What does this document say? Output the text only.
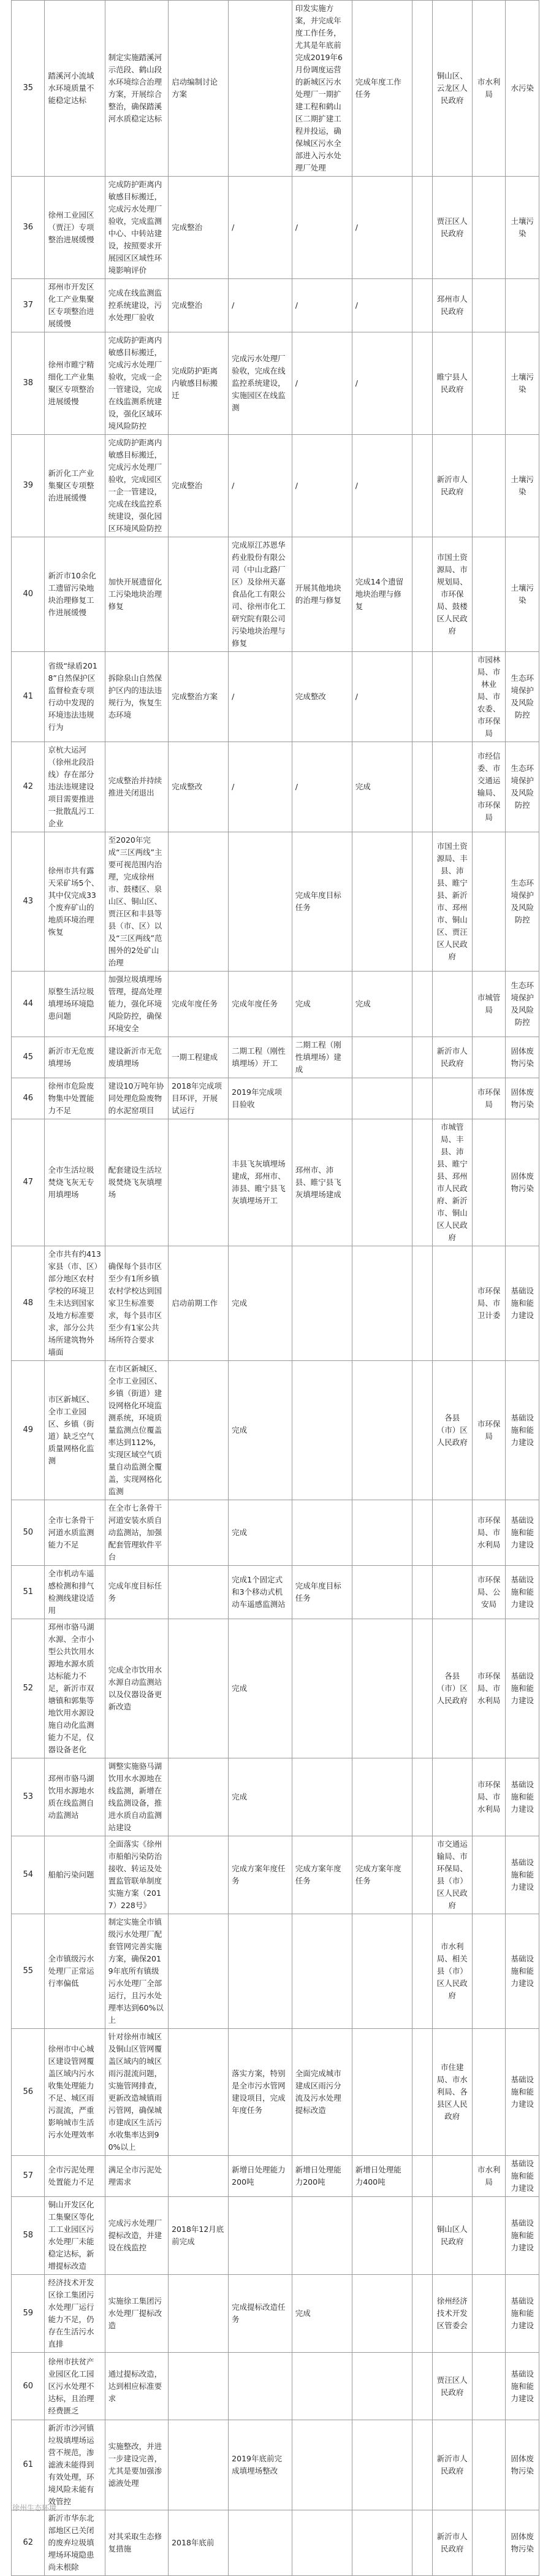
35	踏溪河小流域水环境质量不能稳定达标	制定实施踏溪河示范段、鹤山段水环境综合治理方案，开展综合整治，确保踏溪河水质稳定达标	启动编制讨论方案		印发实施方案，并完成年度工作任务，尤其是年底前完成2019年6月份调度运营的新城区污水处理厂一期扩建工程和鹤山区二期扩建工程并投运，确保城区污水全部进入污水处理厂处理	完成年度工作任务		铜山区、云龙区人民政府	市水利局	水污染
36	徐州工业园区（贾汪）专项整治进展缓慢	完成防护距离内敏感目标搬迁，完成污水处理厂验收，完成监测中心、中转站建设，按照要求开展园区区域性环境影响评价	完成整治	/	/	/		贾汪区人民政府		土壤污染
37	邳州市开发区化工产业集聚区专项整治进展缓慢	完成在线监测监控系统建设，污水处理厂验收	完成整治	/	/	/		邳州市人民政府		
38	徐州市睢宁精细化工产业集聚区专项整治进展缓慢	完成防护距离内敏感目标搬迁，完成污水处理厂验收，完成一企一管建设，完成在线监测系统建设，强化区域环境风险防控	完成防护距离内敏感目标搬迁	完成污水处理厂验收，完成在线监控系统建设，实施园区在线监测	/	/		睢宁县人民政府		土壤污染
39	新沂化工产业集聚区专项整治进展缓慢	完成防护距离内敏感目标搬迁，完成污水处理厂验收，完成园区一企一管建设，完成在线监控系统建设，强化园区环境风险防控	完成整治	/	/	/		新沂市人民政府		土壤污染
40	新沂市10余化工遗留污染地块治理修复工作进展缓慢	加快开展遗留化工污染地块治理修复		完成原江苏恩华药业股份有限公司（中山北路厂区）及徐州天嘉食品化工有限公司、徐州市化工研究院有限公司污染地块治理与修复	开展其他地块的治理与修复	完成14个遗留地块治理与修复		市国土资源局、市规划局、市环保局、鼓楼区人民政府		土壤污染
41	省级“绿盾2018”自然保护区监督检查专项行动中发现的环境违法违规行为	拆除泉山自然保护区内的违法违规行为，恢复生态环境	完成整治方案	/	完成整改	/			市园林局、市林业局、市农委、市环保局	生态环境保护及风险防控
42	京杭大运河（徐州北段沿线）存在部分违法违规建设项目需要推进一批散乱污工企业	完成整治并持续推进关闭退出	完成整改	/	/	完成			市经信委、市交通运输局、市环保局	生态环境保护及风险防控
43	徐州市共有露天采矿场5个、其中仅完成33个废弃矿山的地质环境治理恢复	至2020年完成“三区两线”主要可视范围内治理，完成徐州市、鼓楼区、泉山区、铜山区、贾汪区和丰县等县（市、区）以及“三区两线”范围外的2处矿山治理			完成年度目标任务			市国土资源局、丰县、沛县、睢宁县、新沂市、邳州市、铜山区、贾汪区人民政府		生态环境保护及风险防控
44	原整生活垃圾填埋场环境隐患问题	加强垃圾填埋场管理，提高处理能力，强化环境风险防控，确保环境安全	完成年度任务	完成年度任务	完成	完成			市城管局	生态环境保护及风险防控
45	新沂市无危废填埋场	建设新沂市无危废填埋场	一期工程建成	二期工程（刚性填埋场）开工	二期工程（刚性填埋场）建成			新沂市人民政府		固体废物污染
46	徐州市危险废物集中处置能力不足	建设10万吨年协同处理危险废物的水泥窑项目	2018年完成项目环评，开展试运行	2019年完成项目验收					市环保局	固体废物污染
47	全市生活垃圾焚烧飞灰无专用填埋场	配套建设生活垃圾焚烧飞灰填埋场		丰县飞灰填埋场建成，邳州市、沛县、睢宁县飞灰填埋场开工	邳州市、沛县、睢宁县飞灰填埋场建成			市城管局、丰县、沛县、睢宁县、邳州市人民政府、新沂市、铜山区人民政府		固体废物污染
48	全市共有约413家县（市、区）部分地区农村学校的环境卫生未达到国家及地方标准要求，部分公共场所建筑物外墙面	确保每个县市区至少有1所乡镇农村学校达到国家卫生标准要求，每个县市区至少有1家公共场所符合要求	启动前期工作	完成					市环保局、市卫计委	基础设施和能力建设
49	市区新城区、全市工业园区、乡镇（街道）缺乏空气质量网格化监测	在市区新城区、全市工业园区、乡镇（街道）建设网格化环境监测系统，环境质量监测点位覆盖率达到112%，实现区域空气质量自动监测全覆盖，实现网格化监测		完成				各县（市）区人民政府	市环保局	基础设施和能力建设
50	全市七条骨干河道水质监测能力不足	在全市七条骨干河道安装水质自动监测站，加强配套管理软件平台		完成					市环保局、市水利局	基础设施和能力建设
51	全市机动车遥感检测和排气检测线建设适用	完成年度目标任务		完成1个固定式和3个移动式机动车遥感监测站	完成年度目标任务				市环保局、公安局	基础设施和能力建设
52	邳州市骆马湖水源、全市小型公共饮用水源地水源水质达标能力不足，新沂市双塘镇和郭集等地饮用水源设施自动化监测能力不足，仪器设备老化	完成全市饮用水水源自动监测站以及仪器设备更新改造		完成				各县（市）区人民政府	市环保局、市水利局	基础设施和能力建设
53	邳州市骆马湖饮用水源地水质在线监测自动监测站	调整实施骆马湖饮用水水源地在线监测，新增在线监测设备，推进水质自动监测站建设		完成					市环保局、市水利局	基础设施和能力建设
54	船舶污染问题	全面落实《徐州市船舶污染防治接收、转运及处置监管联单制度实施方案（2017）228号》		完成方案年度任务	完成方案年度任务	完成方案年度任务		市交通运输局、市环保局、县（市）区人民政府		基础设施和能力建设
55	全市镇级污水处理厂正常运行率偏低	制定实施全市镇级污水处理厂配套管网完善实施方案，确保2019年底所有镇级污水处理厂全部运行，且污水处理率达到60%以上						市水利局、相关县（市）区人民政府		基础设施和能力建设
56	徐州市中心城区建设管网覆盖区域内污水收集处理能力不足、城区雨污混流，严重影响城市生活污水处理效率	针对徐州市城区及铜山区管网覆盖区域内的城区雨污混流问题，实施管网排查，更新改造城镇雨污管网，确保城市建成区生活污水收集率达到90%以上		落实方案，特别是全市污水管网建设项目，完成年度任务	全面完成城市建成区雨污分流及污水处理提标改造			市住建局、市水利局、各县区人民政府		基础设施和能力建设
57	全市污泥处理处置能力不足	满足全市污泥处理需求		新增日处理能力200吨	新增日处理能力200吨	新增日处理能力400吨			市水利局	基础设施和能力建设
58	铜山开发区化工集聚区等化工工业园区污水处理厂未能稳定达标，新增提标改造	完成污水处理厂提标改造，并建设在线监控	2018年12月底前完成					铜山区人民政府		基础设施和能力建设
59	经济技术开发区徐工集团污水处理厂运行能力不足，仍存在生活污水直排	实施徐工集团污水处理厂提标改造		完成提标改造任务	完成			徐州经济技术开发区管委会		基础设施和能力建设
60	徐州市扶贫产业园区化工园区污水处理不达标，且治理经费匮乏	通过提标改造，达到相应标准要求						贾汪区人民政府		基础设施和能力建设
61	新沂市沙河镇垃圾填埋场运营不规范，渗滤液未能得到有效处理，环境风险未能有效管控	实施整改，并进一步建设完善，尤其是要加强渗滤液处理		2019年底前完成填埋场整改				新沂市人民政府		固体废物污染
62	新沂市华东北部地区已关闭的废弃垃圾填埋场环境隐患尚未根除	对其采取生态修复措施	2018年底前					新沂市人民政府		固体废物污染
徐州生态环境
